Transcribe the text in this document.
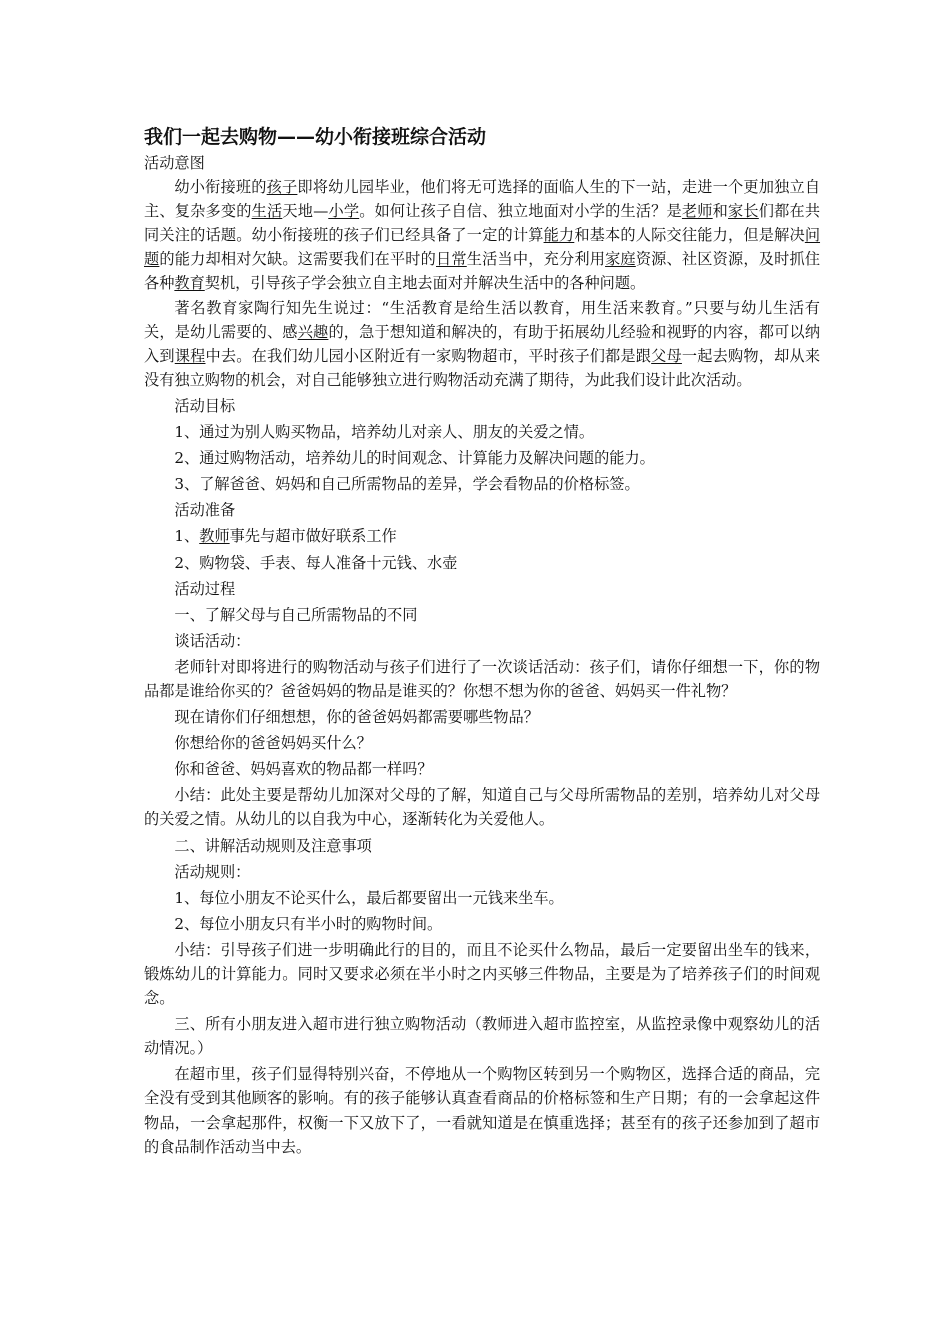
我们一起去购物——幼小衔接班综合活动

活动意图

幼小衔接班的孩子即将幼儿园毕业，他们将无可选择的面临人生的下一站，走进一个更加独立自主、复杂多变的生活天地—小学。如何让孩子自信、独立地面对小学的生活？是老师和家长们都在共同关注的话题。幼小衔接班的孩子们已经具备了一定的计算能力和基本的人际交往能力，但是解决问题的能力却相对欠缺。这需要我们在平时的日常生活当中，充分利用家庭资源、社区资源，及时抓住各种教育契机，引导孩子学会独立自主地去面对并解决生活中的各种问题。

著名教育家陶行知先生说过：“生活教育是给生活以教育，用生活来教育。”只要与幼儿生活有关，是幼儿需要的、感兴趣的，急于想知道和解决的，有助于拓展幼儿经验和视野的内容，都可以纳入到课程中去。在我们幼儿园小区附近有一家购物超市，平时孩子们都是跟父母一起去购物，却从来没有独立购物的机会，对自己能够独立进行购物活动充满了期待，为此我们设计此次活动。

活动目标

1、通过为别人购买物品，培养幼儿对亲人、朋友的关爱之情。

2、通过购物活动，培养幼儿的时间观念、计算能力及解决问题的能力。

3、了解爸爸、妈妈和自己所需物品的差异，学会看物品的价格标签。

活动准备

1、教师事先与超市做好联系工作

2、购物袋、手表、每人准备十元钱、水壶

活动过程

一、了解父母与自己所需物品的不同

谈话活动：

老师针对即将进行的购物活动与孩子们进行了一次谈话活动：孩子们，请你仔细想一下，你的物品都是谁给你买的？爸爸妈妈的物品是谁买的？你想不想为你的爸爸、妈妈买一件礼物？

现在请你们仔细想想，你的爸爸妈妈都需要哪些物品？

你想给你的爸爸妈妈买什么？

你和爸爸、妈妈喜欢的物品都一样吗？

小结：此处主要是帮幼儿加深对父母的了解，知道自己与父母所需物品的差别，培养幼儿对父母的关爱之情。从幼儿的以自我为中心，逐渐转化为关爱他人。

二、讲解活动规则及注意事项

活动规则：

1、每位小朋友不论买什么，最后都要留出一元钱来坐车。

2、每位小朋友只有半小时的购物时间。

小结：引导孩子们进一步明确此行的目的，而且不论买什么物品，最后一定要留出坐车的钱来，锻炼幼儿的计算能力。同时又要求必须在半小时之内买够三件物品，主要是为了培养孩子们的时间观念。

三、所有小朋友进入超市进行独立购物活动（教师进入超市监控室，从监控录像中观察幼儿的活动情况。）

在超市里，孩子们显得特别兴奋，不停地从一个购物区转到另一个购物区，选择合适的商品，完全没有受到其他顾客的影响。有的孩子能够认真查看商品的价格标签和生产日期；有的一会拿起这件物品，一会拿起那件，权衡一下又放下了，一看就知道是在慎重选择；甚至有的孩子还参加到了超市的食品制作活动当中去。
